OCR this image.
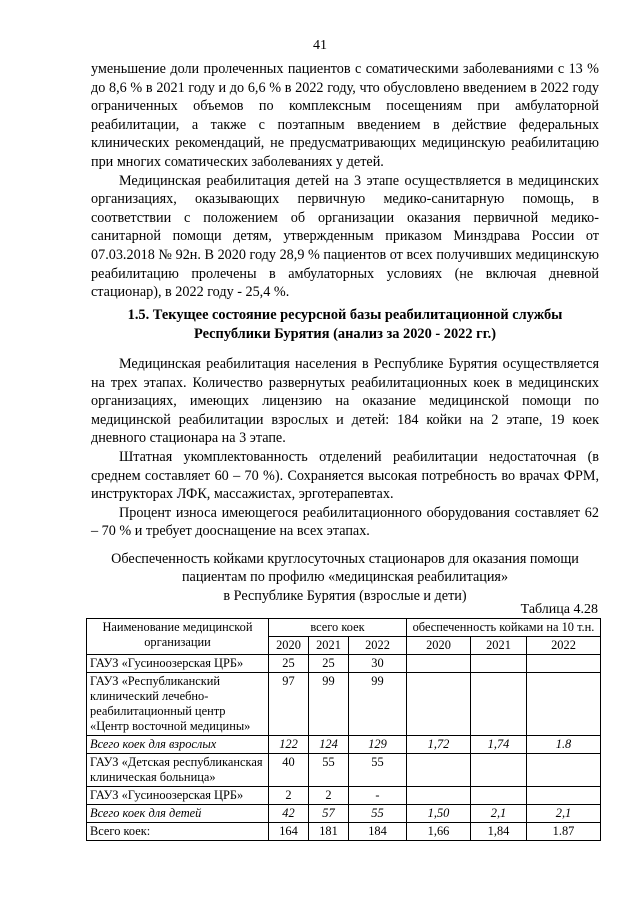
41

уменьшение доли пролеченных пациентов с соматическими заболеваниями с 13 % до 8,6 % в 2021 году и до 6,6 % в 2022 году, что обусловлено введением в 2022 году ограниченных объемов по комплексным посещениям при амбулаторной реабилитации, а также с поэтапным введением в действие федеральных клинических рекомендаций, не предусматривающих медицинскую реабилитацию при многих соматических заболеваниях у детей.

Медицинская реабилитация детей на 3 этапе осуществляется в медицинских организациях, оказывающих первичную медико-санитарную помощь, в соответствии с положением об организации оказания первичной медико-санитарной помощи детям, утвержденным приказом Минздрава России от 07.03.2018 № 92н. В 2020 году 28,9 % пациентов от всех получивших медицинскую реабилитацию пролечены в амбулаторных условиях (не включая дневной стационар), в 2022 году - 25,4 %.

1.5. Текущее состояние ресурсной базы реабилитационной службы Республики Бурятия (анализ за 2020 - 2022 гг.)

Медицинская реабилитация населения в Республике Бурятия осуществляется на трех этапах. Количество развернутых реабилитационных коек в медицинских организациях, имеющих лицензию на оказание медицинской помощи по медицинской реабилитации взрослых и детей: 184 койки на 2 этапе, 19 коек дневного стационара на 3 этапе.

Штатная укомплектованность отделений реабилитации недостаточная (в среднем составляет 60 – 70 %). Сохраняется высокая потребность во врачах ФРМ, инструкторах ЛФК, массажистах, эрготерапевтах.

Процент износа имеющегося реабилитационного оборудования составляет 62 – 70 % и требует дооснащение на всех этапах.

Обеспеченность койками круглосуточных стационаров для оказания помощи
пациентам по профилю «медицинская реабилитация»
в Республике Бурятия (взрослые и дети)
Таблица 4.28
Наименование медицинской организации	всего коек			обеспеченность койками на 10 т.н.		
	2020	2021	2022	2020	2021	2022
ГАУЗ «Гусиноозерская ЦРБ»	25	25	30			
ГАУЗ «Республиканский клинический лечебно-реабилитационный центр «Центр восточной медицины»	97	99	99			
Всего коек для взрослых	122	124	129	1,72	1,74	1.8
ГАУЗ «Детская республиканская клиническая больница»	40	55	55			
ГАУЗ «Гусиноозерская ЦРБ»	2	2	-			
Всего коек для детей	42	57	55	1,50	2,1	2,1
Всего коек:	164	181	184	1,66	1,84	1.87
